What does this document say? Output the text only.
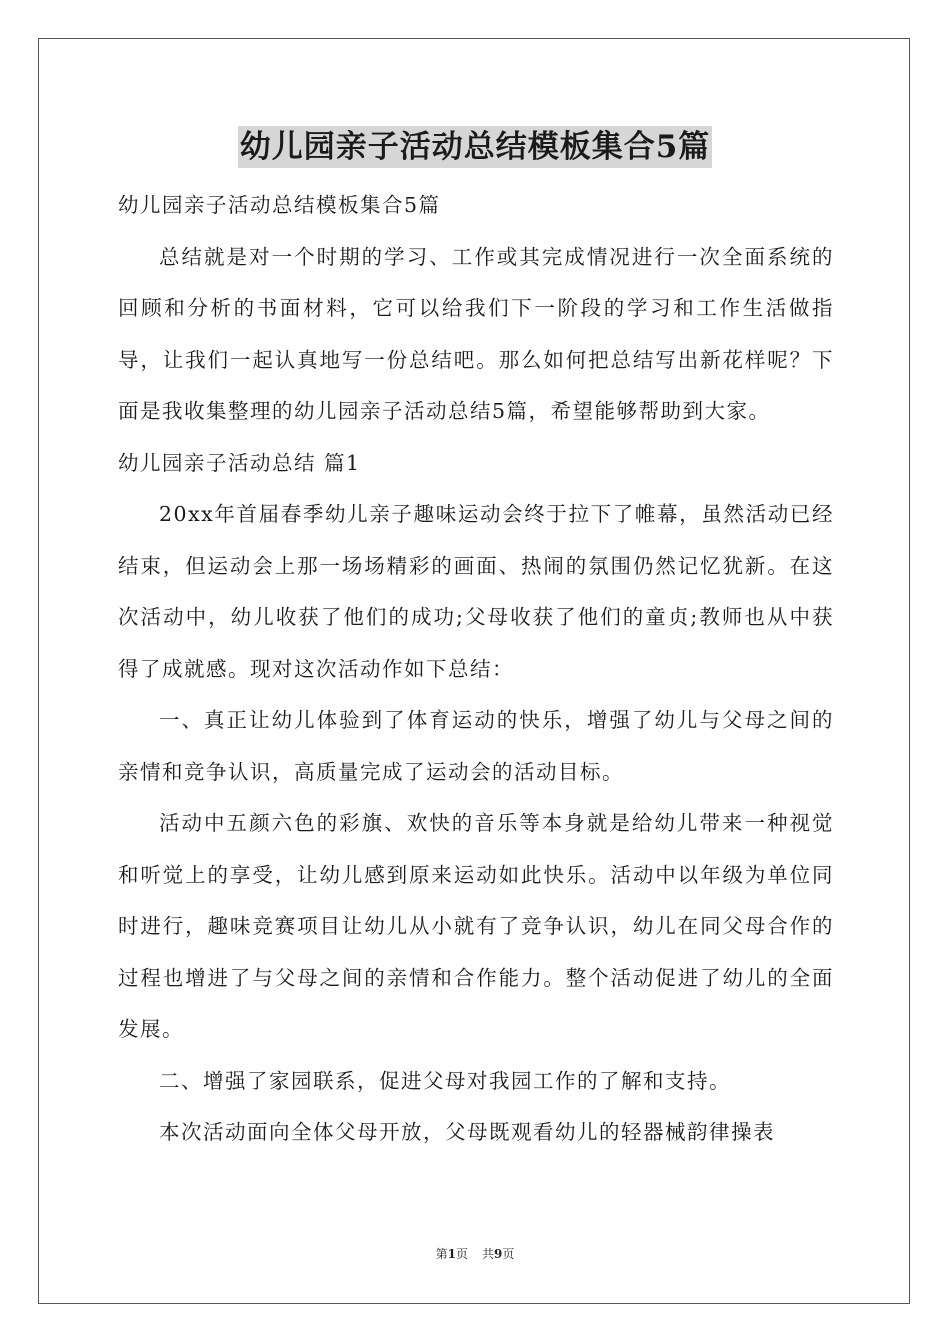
幼儿园亲子活动总结模板集合5篇

幼儿园亲子活动总结模板集合5篇

总结就是对一个时期的学习、工作或其完成情况进行一次全面系统的回顾和分析的书面材料，它可以给我们下一阶段的学习和工作生活做指导，让我们一起认真地写一份总结吧。那么如何把总结写出新花样呢？下面是我收集整理的幼儿园亲子活动总结5篇，希望能够帮助到大家。

幼儿园亲子活动总结 篇1

20xx年首届春季幼儿亲子趣味运动会终于拉下了帷幕，虽然活动已经结束，但运动会上那一场场精彩的画面、热闹的氛围仍然记忆犹新。在这次活动中，幼儿收获了他们的成功;父母收获了他们的童贞;教师也从中获得了成就感。现对这次活动作如下总结：

一、真正让幼儿体验到了体育运动的快乐，增强了幼儿与父母之间的亲情和竞争认识，高质量完成了运动会的活动目标。

活动中五颜六色的彩旗、欢快的音乐等本身就是给幼儿带来一种视觉和听觉上的享受，让幼儿感到原来运动如此快乐。活动中以年级为单位同时进行，趣味竞赛项目让幼儿从小就有了竞争认识，幼儿在同父母合作的过程也增进了与父母之间的亲情和合作能力。整个活动促进了幼儿的全面发展。

二、增强了家园联系，促进父母对我园工作的了解和支持。

本次活动面向全体父母开放，父母既观看幼儿的轻器械韵律操表

第1页 共9页
